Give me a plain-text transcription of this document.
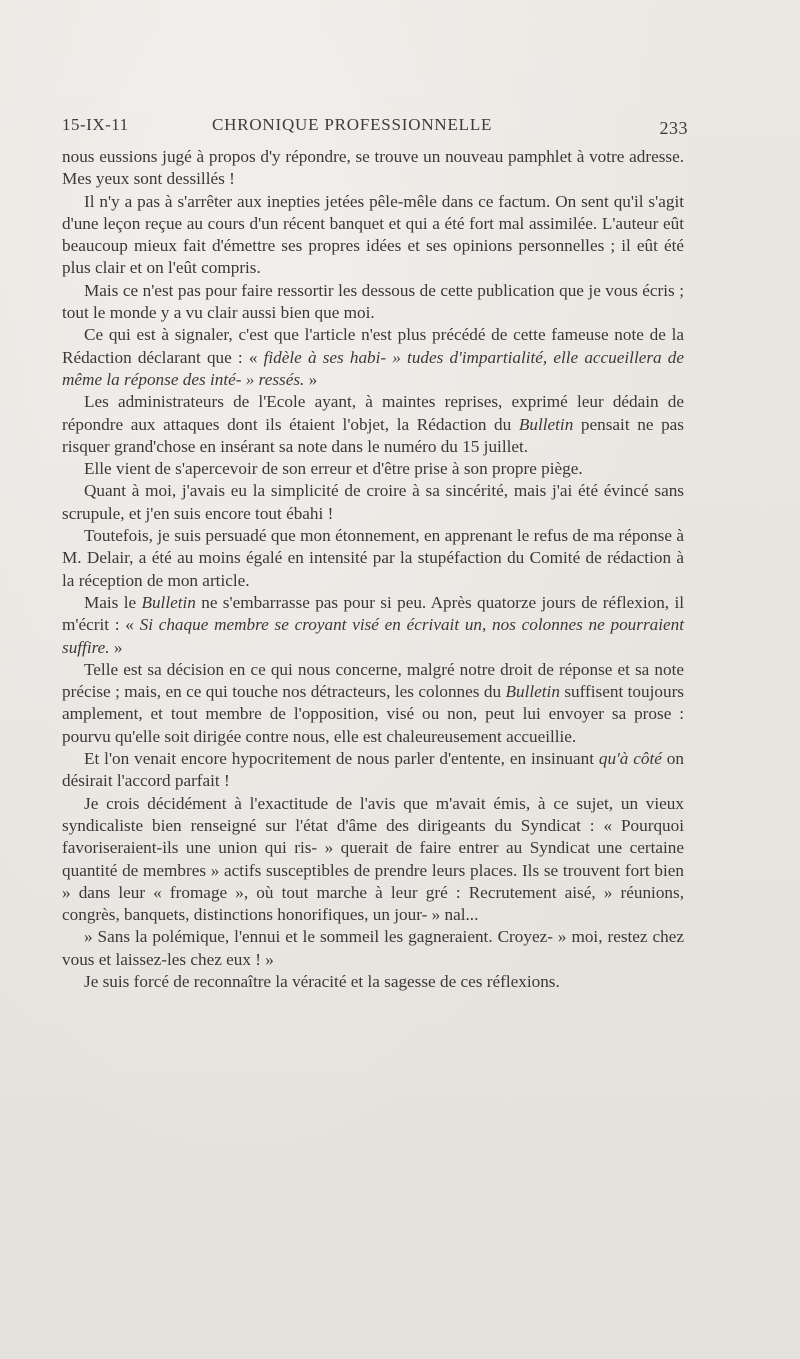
15-IX-11	CHRONIQUE PROFESSIONNELLE	233

nous eussions jugé à propos d'y répondre, se trouve un nouveau pamphlet à votre adresse. Mes yeux sont dessillés !

Il n'y a pas à s'arrêter aux inepties jetées pêle-mêle dans ce factum. On sent qu'il s'agit d'une leçon reçue au cours d'un récent banquet et qui a été fort mal assimilée. L'auteur eût beaucoup mieux fait d'émettre ses propres idées et ses opinions personnelles ; il eût été plus clair et on l'eût compris.

Mais ce n'est pas pour faire ressortir les dessous de cette publication que je vous écris ; tout le monde y a vu clair aussi bien que moi.

Ce qui est à signaler, c'est que l'article n'est plus précédé de cette fameuse note de la Rédaction déclarant que : « fidèle à ses habi- » tudes d'impartialité, elle accueillera de même la réponse des inté- » ressés. »

Les administrateurs de l'Ecole ayant, à maintes reprises, exprimé leur dédain de répondre aux attaques dont ils étaient l'objet, la Rédaction du Bulletin pensait ne pas risquer grand'chose en insérant sa note dans le numéro du 15 juillet.

Elle vient de s'apercevoir de son erreur et d'être prise à son propre piège.

Quant à moi, j'avais eu la simplicité de croire à sa sincérité, mais j'ai été évincé sans scrupule, et j'en suis encore tout ébahi !

Toutefois, je suis persuadé que mon étonnement, en apprenant le refus de ma réponse à M. Delair, a été au moins égalé en intensité par la stupéfaction du Comité de rédaction à la réception de mon article.

Mais le Bulletin ne s'embarrasse pas pour si peu. Après quatorze jours de réflexion, il m'écrit : « Si chaque membre se croyant visé en écrivait un, nos colonnes ne pourraient suffire. »

Telle est sa décision en ce qui nous concerne, malgré notre droit de réponse et sa note précise ; mais, en ce qui touche nos détracteurs, les colonnes du Bulletin suffisent toujours amplement, et tout membre de l'opposition, visé ou non, peut lui envoyer sa prose : pourvu qu'elle soit dirigée contre nous, elle est chaleureusement accueillie.

Et l'on venait encore hypocritement de nous parler d'entente, en insinuant qu'à côté on désirait l'accord parfait !

Je crois décidément à l'exactitude de l'avis que m'avait émis, à ce sujet, un vieux syndicaliste bien renseigné sur l'état d'âme des dirigeants du Syndicat : « Pourquoi favoriseraient-ils une union qui ris- » querait de faire entrer au Syndicat une certaine quantité de membres » actifs susceptibles de prendre leurs places. Ils se trouvent fort bien » dans leur « fromage », où tout marche à leur gré : Recrutement aisé, » réunions, congrès, banquets, distinctions honorifiques, un jour- » nal...

» Sans la polémique, l'ennui et le sommeil les gagneraient. Croyez- » moi, restez chez vous et laissez-les chez eux ! »

Je suis forcé de reconnaître la véracité et la sagesse de ces réflexions.
